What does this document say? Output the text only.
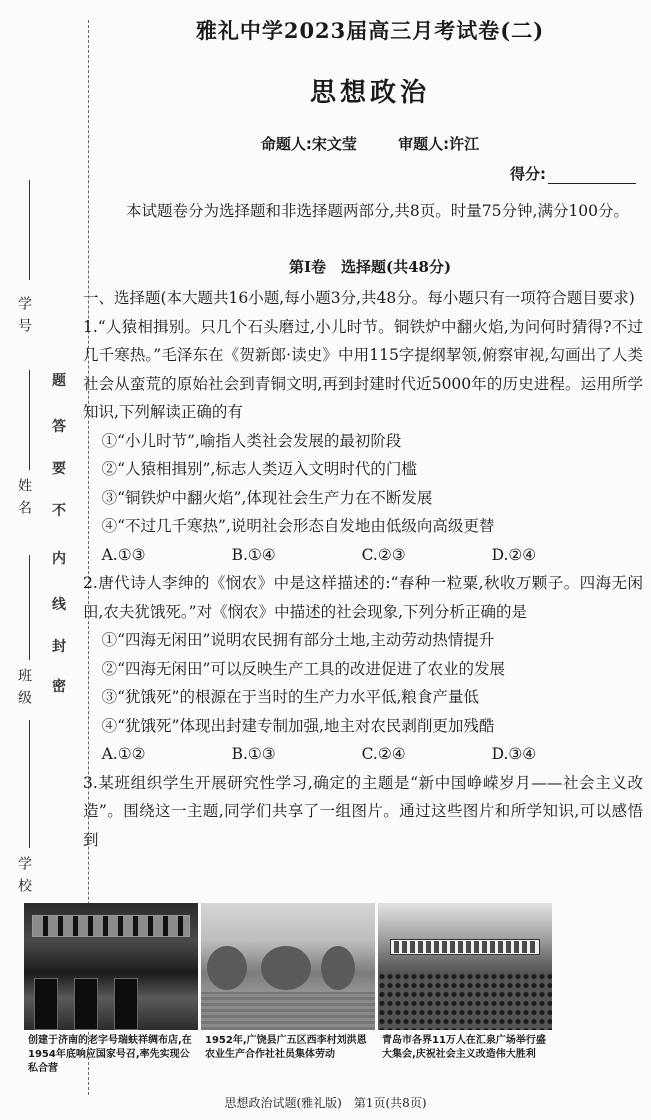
题
答
要
不
内
线
封
密
学号
姓名
班级
学校
雅礼中学2023届高三月考试卷(二)
思想政治
命题人:宋文莹	审题人:许江
得分:
本试题卷分为选择题和非选择题两部分,共8页。时量75分钟,满分100分。
第Ⅰ卷　选择题(共48分)
一、选择题(本大题共16小题,每小题3分,共48分。每小题只有一项符合题目要求)
1.“人猿相揖别。只几个石头磨过,小儿时节。铜铁炉中翻火焰,为问何时猜得?不过几千寒热。”毛泽东在《贺新郎·读史》中用115字提纲挈领,俯察审视,勾画出了人类社会从蛮荒的原始社会到青铜文明,再到封建时代近5000年的历史进程。运用所学知识,下列解读正确的有
①“小儿时节”,喻指人类社会发展的最初阶段
②“人猿相揖别”,标志人类迈入文明时代的门槛
③“铜铁炉中翻火焰”,体现社会生产力在不断发展
④“不过几千寒热”,说明社会形态自发地由低级向高级更替
A.①③	B.①④	C.②③	D.②④
2.唐代诗人李绅的《悯农》中是这样描述的:“春种一粒粟,秋收万颗子。四海无闲田,农夫犹饿死。”对《悯农》中描述的社会现象,下列分析正确的是
①“四海无闲田”说明农民拥有部分土地,主动劳动热情提升
②“四海无闲田”可以反映生产工具的改进促进了农业的发展
③“犹饿死”的根源在于当时的生产力水平低,粮食产量低
④“犹饿死”体现出封建专制加强,地主对农民剥削更加残酷
A.①②	B.①③	C.②④	D.③④
3.某班组织学生开展研究性学习,确定的主题是“新中国峥嵘岁月——社会主义改造”。围绕这一主题,同学们共享了一组图片。通过这些图片和所学知识,可以感悟到
创建于济南的老字号瑞蚨祥绸布店,在1954年底响应国家号召,率先实现公私合营
1952年,广饶县广五区西李村刘洪恩农业生产合作社社员集体劳动
青岛市各界11万人在汇泉广场举行盛大集会,庆祝社会主义改造伟大胜利
思想政治试题(雅礼版)　第1页(共8页)
